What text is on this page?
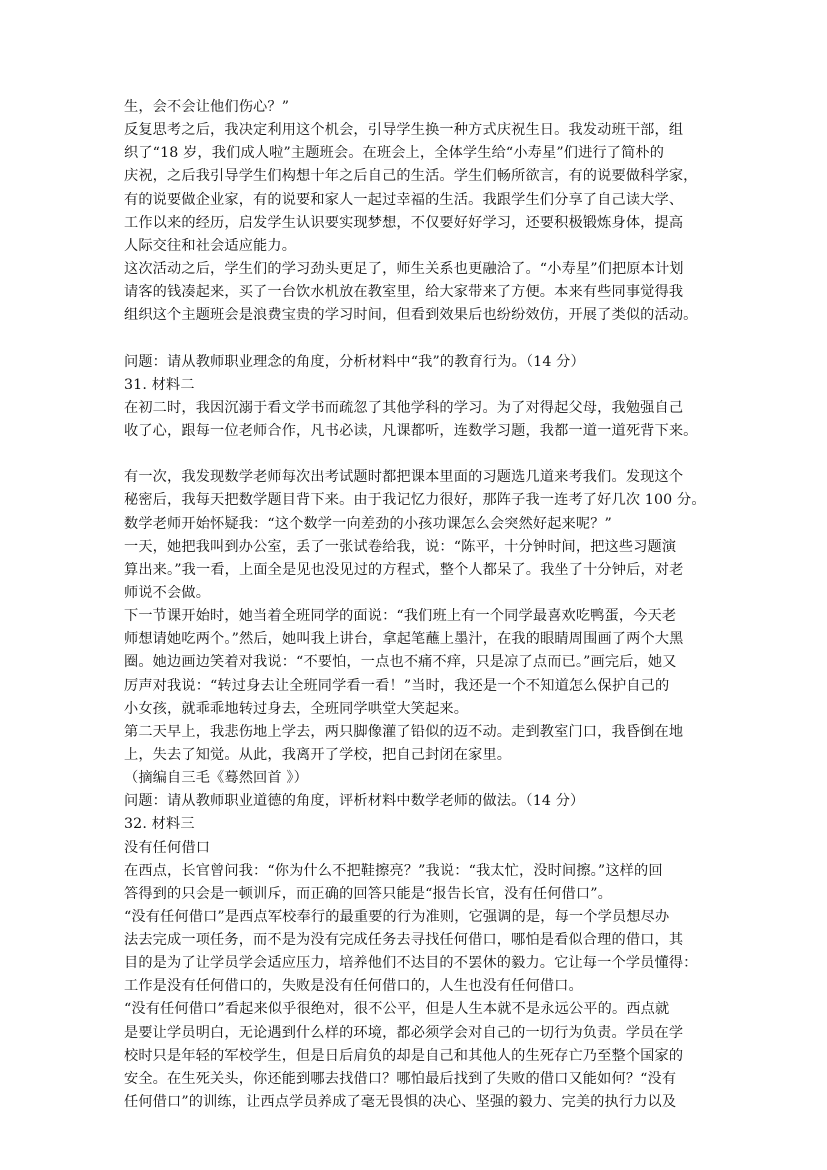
生，会不会让他们伤心？”
反复思考之后，我决定利用这个机会，引导学生换一种方式庆祝生日。我发动班干部，组
织了“18 岁，我们成人啦”主题班会。在班会上，全体学生给“小寿星”们进行了简朴的
庆祝，之后我引导学生们构想十年之后自己的生活。学生们畅所欲言，有的说要做科学家，
有的说要做企业家，有的说要和家人一起过幸福的生活。我跟学生们分享了自己读大学、
工作以来的经历，启发学生认识要实现梦想，不仅要好好学习，还要积极锻炼身体，提高
人际交往和社会适应能力。
这次活动之后，学生们的学习劲头更足了，师生关系也更融洽了。“小寿星”们把原本计划
请客的钱凑起来，买了一台饮水机放在教室里，给大家带来了方便。本来有些同事觉得我
组织这个主题班会是浪费宝贵的学习时间，但看到效果后也纷纷效仿，开展了类似的活动。
问题：请从教师职业理念的角度，分析材料中“我”的教育行为。（14 分）
31. 材料二
在初二时，我因沉溺于看文学书而疏忽了其他学科的学习。为了对得起父母，我勉强自己
收了心，跟每一位老师合作，凡书必读，凡课都听，连数学习题，我都一道一道死背下来。
有一次，我发现数学老师每次出考试题时都把课本里面的习题选几道来考我们。发现这个
秘密后，我每天把数学题目背下来。由于我记忆力很好，那阵子我一连考了好几次 100 分。
数学老师开始怀疑我：“这个数学一向差劲的小孩功课怎么会突然好起来呢？”
一天，她把我叫到办公室，丢了一张试卷给我，说：“陈平，十分钟时间，把这些习题演
算出来。”我一看，上面全是见也没见过的方程式，整个人都呆了。我坐了十分钟后，对老
师说不会做。
下一节课开始时，她当着全班同学的面说：“我们班上有一个同学最喜欢吃鸭蛋，今天老
师想请她吃两个。”然后，她叫我上讲台，拿起笔蘸上墨汁，在我的眼睛周围画了两个大黑
圈。她边画边笑着对我说：“不要怕，一点也不痛不痒，只是凉了点而已。”画完后，她又
厉声对我说：“转过身去让全班同学看一看！”当时，我还是一个不知道怎么保护自己的
小女孩，就乖乖地转过身去，全班同学哄堂大笑起来。
第二天早上，我悲伤地上学去，两只脚像灌了铅似的迈不动。走到教室门口，我昏倒在地
上，失去了知觉。从此，我离开了学校，把自己封闭在家里。
（摘编自三毛《蓦然回首 》）
问题：请从教师职业道德的角度，评析材料中数学老师的做法。（14 分）
32. 材料三
没有任何借口
在西点，长官曾问我：“你为什么不把鞋擦亮？”我说：“我太忙，没时间擦。”这样的回
答得到的只会是一顿训斥，而正确的回答只能是“报告长官，没有任何借口”。
“没有任何借口”是西点军校奉行的最重要的行为准则，它强调的是，每一个学员想尽办
法去完成一项任务，而不是为没有完成任务去寻找任何借口，哪怕是看似合理的借口，其
目的是为了让学员学会适应压力，培养他们不达目的不罢休的毅力。它让每一个学员懂得：
工作是没有任何借口的，失败是没有任何借口的，人生也没有任何借口。
“没有任何借口”看起来似乎很绝对，很不公平，但是人生本就不是永远公平的。西点就
是要让学员明白，无论遇到什么样的环境，都必须学会对自己的一切行为负责。学员在学
校时只是年轻的军校学生，但是日后肩负的却是自己和其他人的生死存亡乃至整个国家的
安全。在生死关头，你还能到哪去找借口？哪怕最后找到了失败的借口又能如何？“没有
任何借口”的训练，让西点学员养成了毫无畏惧的决心、坚强的毅力、完美的执行力以及
